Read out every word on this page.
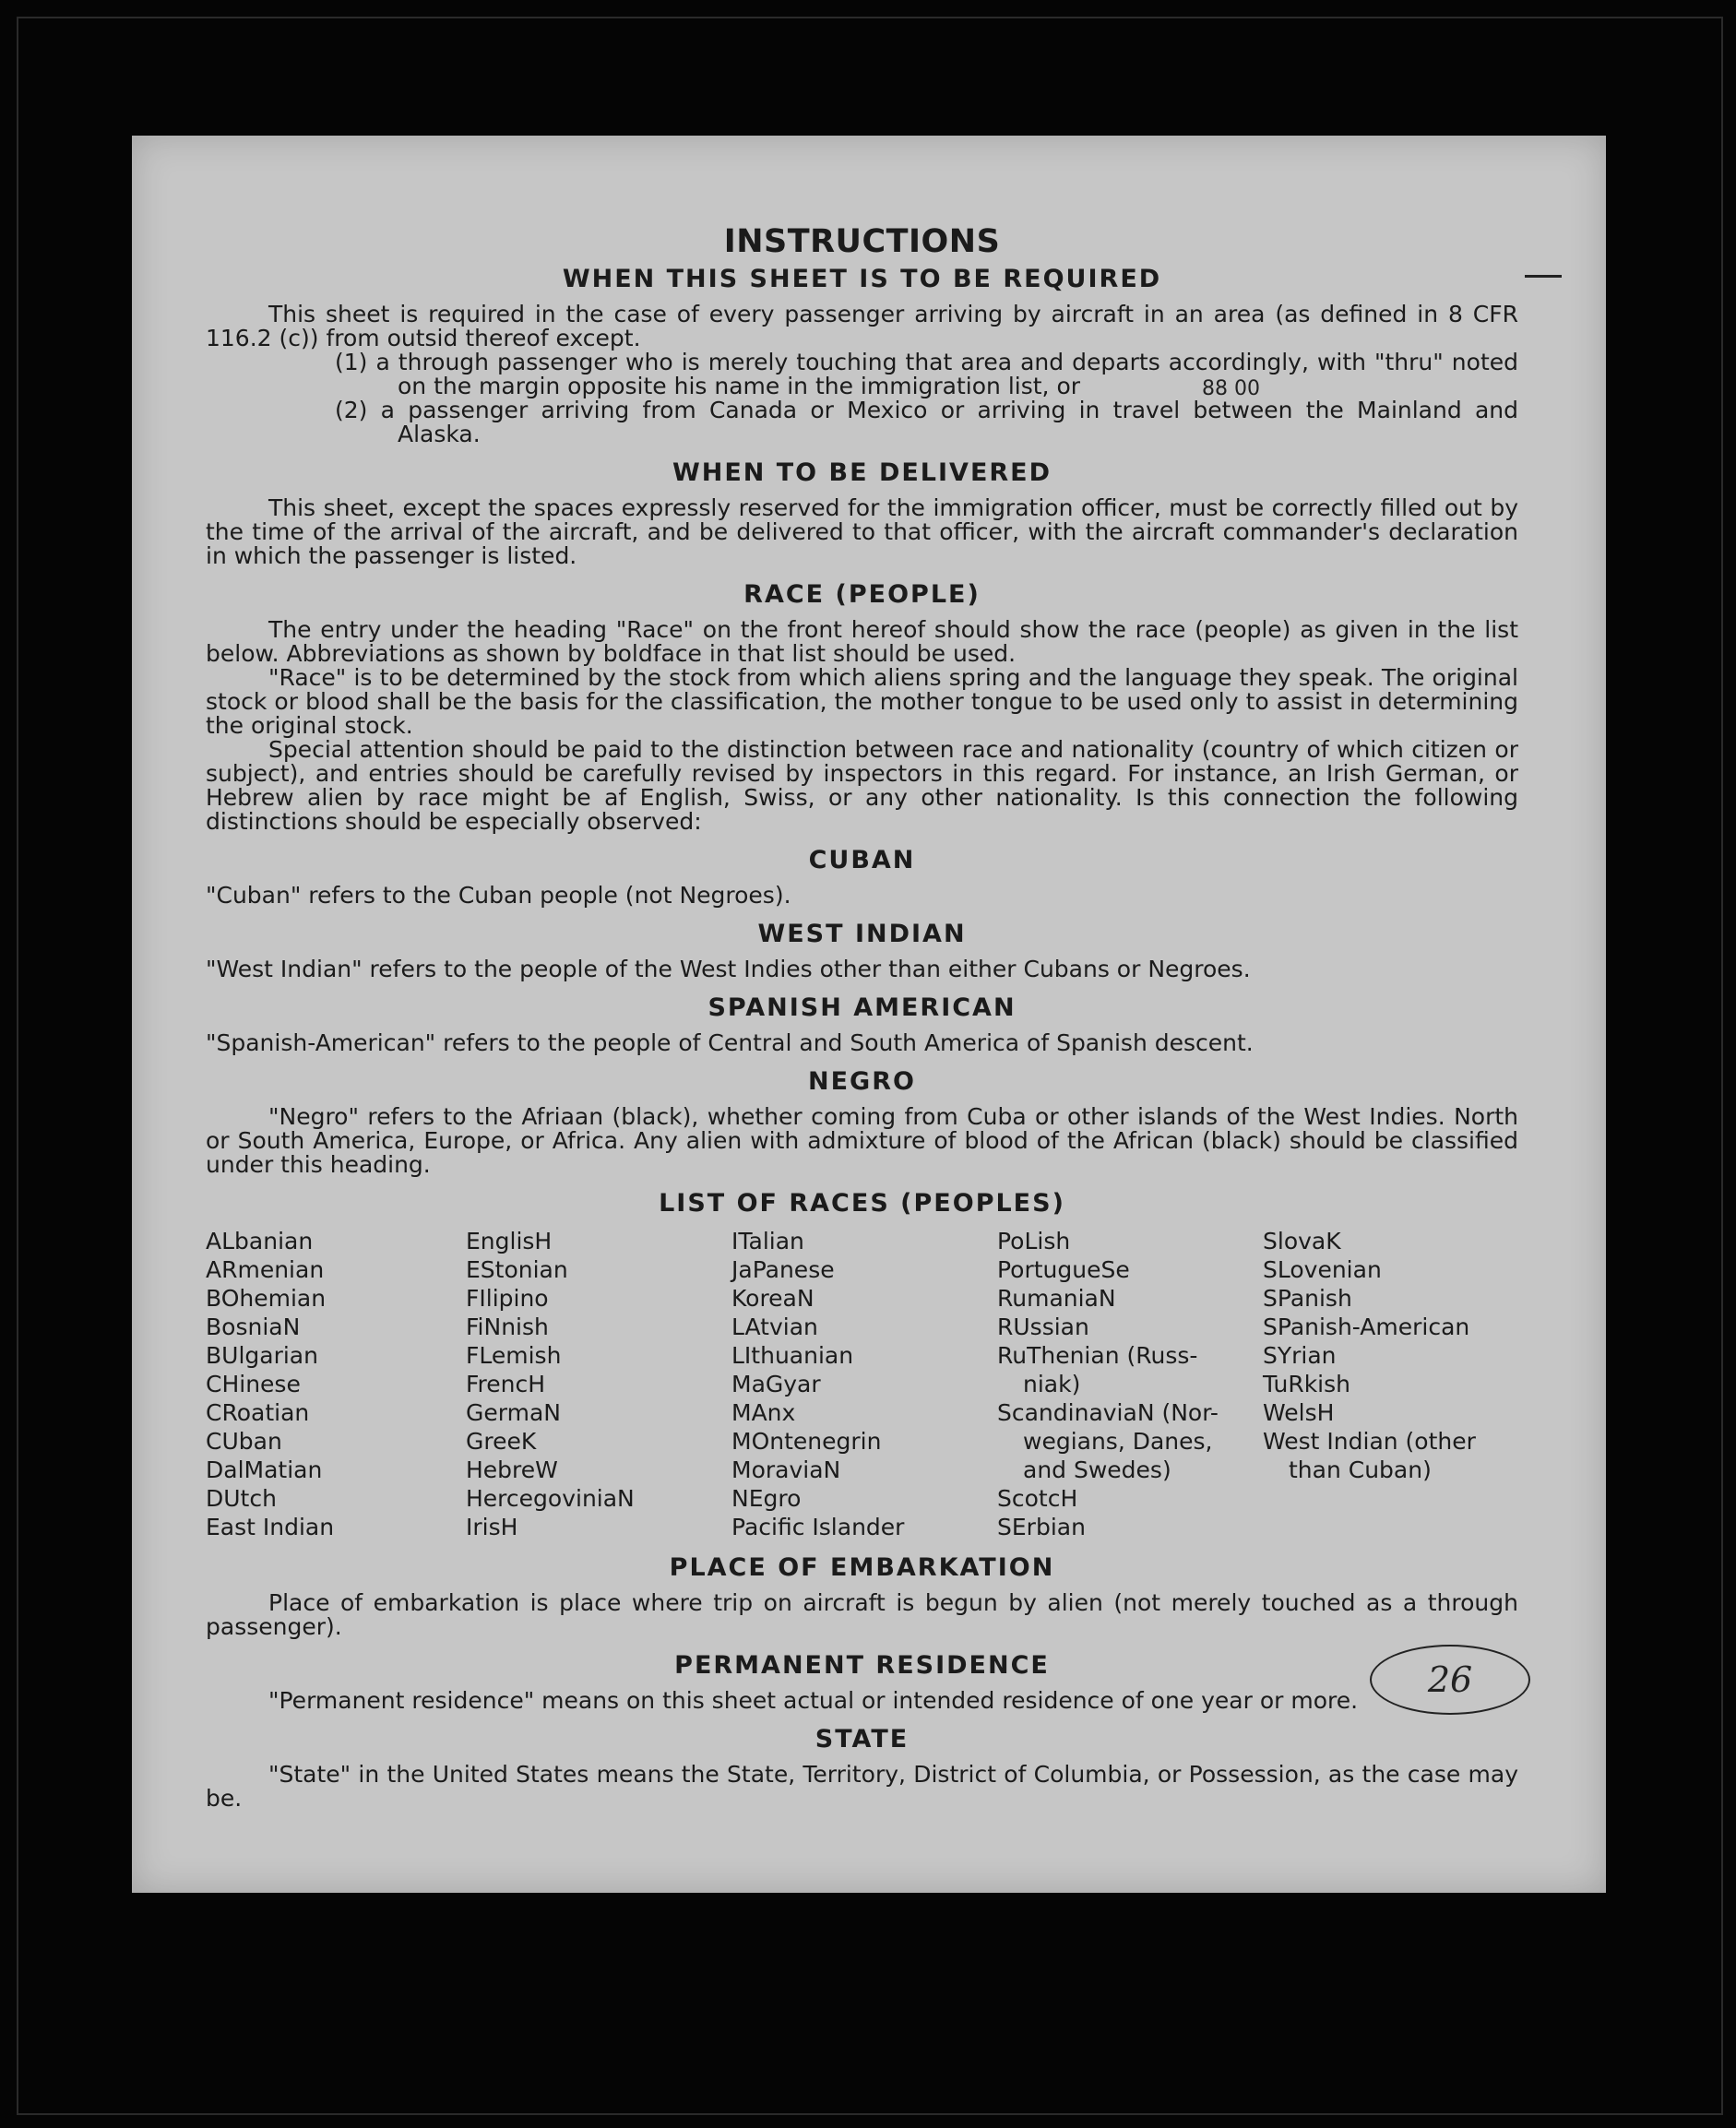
INSTRUCTIONS
WHEN THIS SHEET IS TO BE REQUIRED

This sheet is required in the case of every passenger arriving by aircraft in an area (as defined in 8 CFR 116.2 (c)) from outsid thereof except.

(1) a through passenger who is merely touching that area and departs accordingly, with "thru" noted on the margin opposite his name in the immigration list, or

(2) a passenger arriving from Canada or Mexico or arriving in travel between the Mainland and Alaska.

WHEN TO BE DELIVERED

This sheet, except the spaces expressly reserved for the immigration officer, must be correctly filled out by the time of the arrival of the aircraft, and be delivered to that officer, with the aircraft commander's declaration in which the passenger is listed.

RACE (PEOPLE)

The entry under the heading "Race" on the front hereof should show the race (people) as given in the list below. Abbreviations as shown by boldface in that list should be used.

"Race" is to be determined by the stock from which aliens spring and the language they speak. The original stock or blood shall be the basis for the classification, the mother tongue to be used only to assist in determining the original stock.

Special attention should be paid to the distinction between race and nationality (country of which citizen or subject), and entries should be carefully revised by inspectors in this regard. For instance, an Irish German, or Hebrew alien by race might be af English, Swiss, or any other nationality. Is this connection the following distinctions should be especially observed:

CUBAN

"Cuban" refers to the Cuban people (not Negroes).

WEST INDIAN

"West Indian" refers to the people of the West Indies other than either Cubans or Negroes.

SPANISH AMERICAN

"Spanish-American" refers to the people of Central and South America of Spanish descent.

NEGRO

"Negro" refers to the Afriaan (black), whether coming from Cuba or other islands of the West Indies. North or South America, Europe, or Africa. Any alien with admixture of blood of the African (black) should be classified under this heading.

LIST OF RACES (PEOPLES)
ALbanian
ARmenian
BOhemian
BosniaN
BUlgarian
CHinese
CRoatian
CUban
DalMatian
DUtch
East Indian
EnglisH
EStonian
FIlipino
FiNnish
FLemish
FrencH
GermaN
GreeK
HebreW
HercegoviniaN
IrisH
ITalian
JaPanese
KoreaN
LAtvian
LIthuanian
MaGyar
MAnx
MOntenegrin
MoraviaN
NEgro
Pacific Islander
PoLish
PortugueSe
RumaniaN
RUssian
RuThenian (Russ-
niak)
ScandinaviaN (Nor-
wegians, Danes,
and Swedes)
ScotcH
SErbian
SlovaK
SLovenian
SPanish
SPanish-American
SYrian
TuRkish
WelsH
West Indian (other
than Cuban)
PLACE OF EMBARKATION

Place of embarkation is place where trip on aircraft is begun by alien (not merely touched as a through passenger).

PERMANENT RESIDENCE

"Permanent residence" means on this sheet actual or intended residence of one year or more.

STATE

"State" in the United States means the State, Territory, District of Columbia, or Possession, as the case may be.

88 00
26
